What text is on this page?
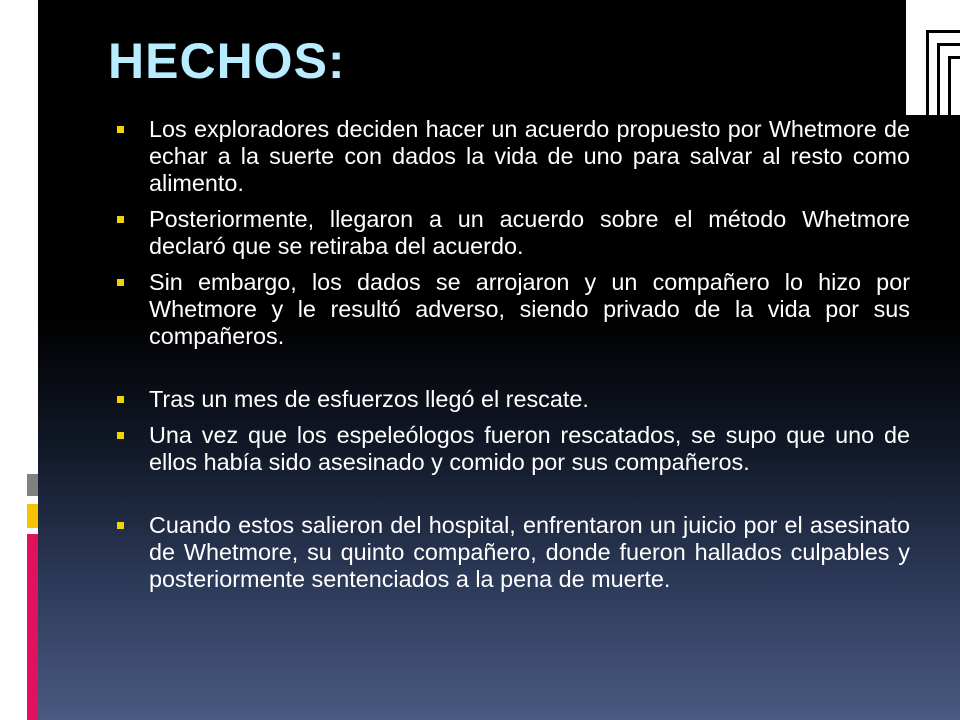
HECHOS:
Los exploradores deciden hacer un acuerdo propuesto por Whetmore de echar a la suerte con dados la vida de uno para salvar al resto como alimento.
Posteriormente, llegaron a un acuerdo sobre el método Whetmore declaró que se retiraba del acuerdo.
Sin embargo, los dados se arrojaron y un compañero lo hizo por Whetmore y le resultó adverso, siendo privado de la vida por sus compañeros.
Tras un mes de esfuerzos llegó el rescate.
Una vez que los espeleólogos fueron rescatados, se supo que uno de ellos había sido asesinado y comido por sus compañeros.
Cuando estos salieron del hospital, enfrentaron un juicio por el asesinato de Whetmore, su quinto compañero, donde fueron hallados culpables y posteriormente sentenciados a la pena de muerte.
